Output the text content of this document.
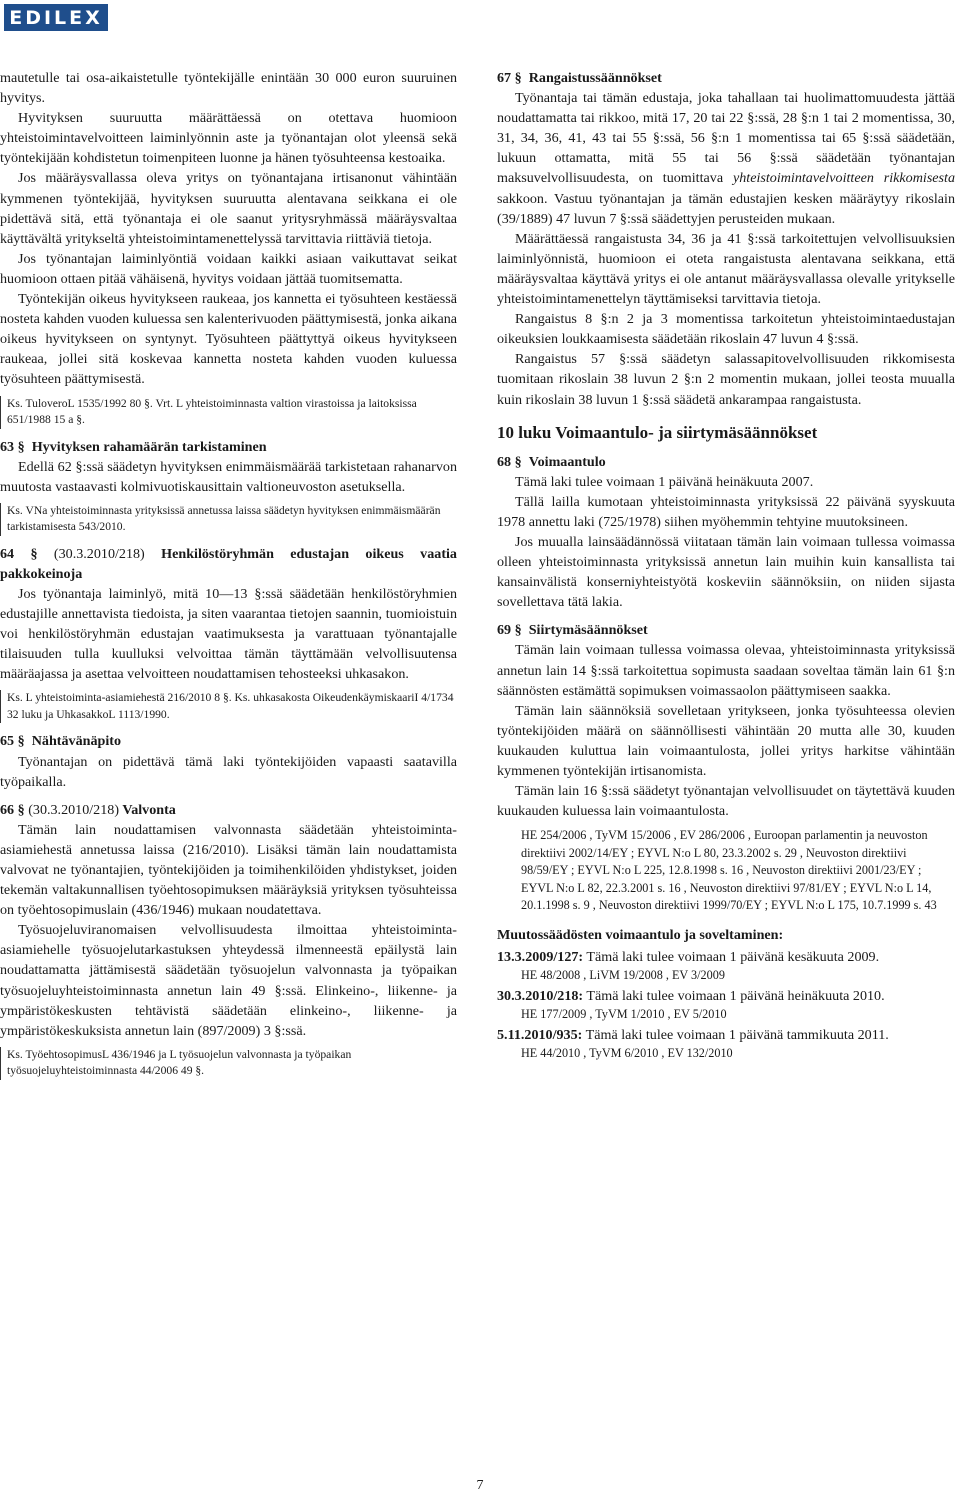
EDILEX

mautetulle tai osa-aikaistetulle työntekijälle enintään 30 000 euron suuruinen hyvitys.

Hyvityksen suuruutta määrättäessä on otettava huomioon yhteistoimintavelvoitteen laiminlyönnin aste ja työnantajan olot yleensä sekä työntekijään kohdistetun toimenpiteen luonne ja hänen työsuhteensa kestoaika.

Jos määräysvallassa oleva yritys on työnantajana irtisanonut vähintään kymmenen työntekijää, hyvityksen suuruutta alentavana seikkana ei ole pidettävä sitä, että työnantaja ei ole saanut yritysryhmässä määräysvaltaa käyttävältä yritykseltä yhteistoimintamenettelyssä tarvittavia riittäviä tietoja.

Jos työnantajan laiminlyöntiä voidaan kaikki asiaan vaikuttavat seikat huomioon ottaen pitää vähäisenä, hyvitys voidaan jättää tuomitsematta.

Työntekijän oikeus hyvitykseen raukeaa, jos kannetta ei työsuhteen kestäessä nosteta kahden vuoden kuluessa sen kalenterivuoden päättymisestä, jonka aikana oikeus hyvitykseen on syntynyt. Työsuhteen päättyttyä oikeus hyvitykseen raukeaa, jollei sitä koskevaa kannetta nosteta kahden vuoden kuluessa työsuhteen päättymisestä.

Ks. TuloveroL 1535/1992 80 §. Vrt. L yhteistoiminnasta valtion virastoissa ja laitoksissa 651/1988 15 a §.

63 § Hyvityksen rahamäärän tarkistaminen

Edellä 62 §:ssä säädetyn hyvityksen enimmäismäärää tarkistetaan rahanarvon muutosta vastaavasti kolmivuotiskausittain valtioneuvoston asetuksella.

Ks. VNa yhteistoiminnasta yrityksissä annetussa laissa säädetyn hyvityksen enimmäismäärän tarkistamisesta 543/2010.

64 § (30.3.2010/218) Henkilöstöryhmän edustajan oikeus vaatia pakkokeinoja

Jos työnantaja laiminlyö, mitä 10—13 §:ssä säädetään henkilöstöryhmien edustajille annettavista tiedoista, ja siten vaarantaa tietojen saannin, tuomioistuin voi henkilöstöryhmän edustajan vaatimuksesta ja varattuaan työnantajalle tilaisuuden tulla kuulluksi velvoittaa tämän täyttämään velvollisuutensa määräajassa ja asettaa velvoitteen noudattamisen tehosteeksi uhkasakon.

Ks. L yhteistoiminta-asiamiehestä 216/2010 8 §. Ks. uhkasakosta OikeudenkäymiskaariI 4/1734 32 luku ja UhkasakkoL 1113/1990.

65 § Nähtävänäpito

Työnantajan on pidettävä tämä laki työntekijöiden vapaasti saatavilla työpaikalla.

66 § (30.3.2010/218) Valvonta

Tämän lain noudattamisen valvonnasta säädetään yhteistoiminta-asiamiehestä annetussa laissa (216/2010). Lisäksi tämän lain noudattamista valvovat ne työnantajien, työntekijöiden ja toimihenkilöiden yhdistykset, joiden tekemän valtakunnallisen työehtosopimuksen määräyksiä yrityksen työsuhteissa on työehtosopimuslain (436/1946) mukaan noudatettava.

Työsuojeluviranomaisen velvollisuudesta ilmoittaa yhteistoiminta-asiamiehelle työsuojelutarkastuksen yhteydessä ilmenneestä epäilystä lain noudattamatta jättämisestä säädetään työsuojelun valvonnasta ja työpaikan työsuojeluyhteistoiminnasta annetun lain 49 §:ssä. Elinkeino-, liikenne- ja ympäristökeskusten tehtävistä säädetään elinkeino-, liikenne- ja ympäristökeskuksista annetun lain (897/2009) 3 §:ssä.

Ks. TyöehtosopimusL 436/1946 ja L työsuojelun valvonnasta ja työpaikan työsuojeluyhteistoiminnasta 44/2006 49 §.

67 § Rangaistussäännökset

Työnantaja tai tämän edustaja, joka tahallaan tai huolimattomuudesta jättää noudattamatta tai rikkoo, mitä 17, 20 tai 22 §:ssä, 28 §:n 1 tai 2 momentissa, 30, 31, 34, 36, 41, 43 tai 55 §:ssä, 56 §:n 1 momentissa tai 65 §:ssä säädetään, lukuun ottamatta, mitä 55 tai 56 §:ssä säädetään työnantajan maksuvelvollisuudesta, on tuomittava yhteistoimintavelvoitteen rikkomisesta sakkoon. Vastuu työnantajan ja tämän edustajien kesken määräytyy rikoslain (39/1889) 47 luvun 7 §:ssä säädettyjen perusteiden mukaan.

Määrättäessä rangaistusta 34, 36 ja 41 §:ssä tarkoitettujen velvollisuuksien laiminlyönnistä, huomioon ei oteta rangaistusta alentavana seikkana, että määräysvaltaa käyttävä yritys ei ole antanut määräysvallassa olevalle yritykselle yhteistoimintamenettelyn täyttämiseksi tarvittavia tietoja.

Rangaistus 8 §:n 2 ja 3 momentissa tarkoitetun yhteistoimintaedustajan oikeuksien loukkaamisesta säädetään rikoslain 47 luvun 4 §:ssä.

Rangaistus 57 §:ssä säädetyn salassapitovelvollisuuden rikkomisesta tuomitaan rikoslain 38 luvun 2 §:n 2 momentin mukaan, jollei teosta muualla kuin rikoslain 38 luvun 1 §:ssä säädetä ankarampaa rangaistusta.

10 luku Voimaantulo- ja siirtymäsäännökset

68 § Voimaantulo

Tämä laki tulee voimaan 1 päivänä heinäkuuta 2007.

Tällä lailla kumotaan yhteistoiminnasta yrityksissä 22 päivänä syyskuuta 1978 annettu laki (725/1978) siihen myöhemmin tehtyine muutoksineen.

Jos muualla lainsäädännössä viitataan tämän lain voimaan tullessa voimassa olleen yhteistoiminnasta yrityksissä annetun lain muihin kuin kansallista tai kansainvälistä konserniyhteistyötä koskeviin säännöksiin, on niiden sijasta sovellettava tätä lakia.

69 § Siirtymäsäännökset

Tämän lain voimaan tullessa voimassa olevaa, yhteistoiminnasta yrityksissä annetun lain 14 §:ssä tarkoitettua sopimusta saadaan soveltaa tämän lain 61 §:n säännösten estämättä sopimuksen voimassaolon päättymiseen saakka.

Tämän lain säännöksiä sovelletaan yritykseen, jonka työsuhteessa olevien työntekijöiden määrä on säännöllisesti vähintään 20 mutta alle 30, kuuden kuukauden kuluttua lain voimaantulosta, jollei yritys harkitse vähintään kymmenen työntekijän irtisanomista.

Tämän lain 16 §:ssä säädetyt työnantajan velvollisuudet on täytettävä kuuden kuukauden kuluessa lain voimaantulosta.

HE 254/2006 , TyVM 15/2006 , EV 286/2006 , Euroopan parlamentin ja neuvoston direktiivi 2002/14/EY ; EYVL N:o L 80, 23.3.2002 s. 29 , Neuvoston direktiivi 98/59/EY ; EYVL N:o L 225, 12.8.1998 s. 16 , Neuvoston direktiivi 2001/23/EY ; EYVL N:o L 82, 22.3.2001 s. 16 , Neuvoston direktiivi 97/81/EY ; EYVL N:o L 14, 20.1.1998 s. 9 , Neuvoston direktiivi 1999/70/EY ; EYVL N:o L 175, 10.7.1999 s. 43
Muutossäädösten voimaantulo ja soveltaminen:
13.3.2009/127: Tämä laki tulee voimaan 1 päivänä kesäkuuta 2009.
HE 48/2008 , LiVM 19/2008 , EV 3/2009
30.3.2010/218: Tämä laki tulee voimaan 1 päivänä heinäkuuta 2010.
HE 177/2009 , TyVM 1/2010 , EV 5/2010
5.11.2010/935: Tämä laki tulee voimaan 1 päivänä tammikuuta 2011.
HE 44/2010 , TyVM 6/2010 , EV 132/2010
7
